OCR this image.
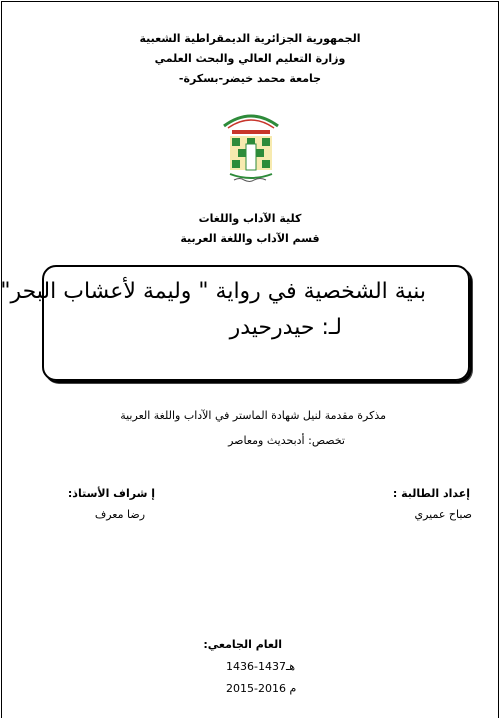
الجمهورية الجزائرية الديمقراطية الشعبية
وزارة التعليم العالي والبحث العلمي
جامعة محمد خيضر-بسكرة-
كلية الآداب واللغات
قسم الآداب واللغة العربية
بنية الشخصية في رواية " وليمة لأعشاب البحر"
لـ: حيدرحيدر
مذكرة مقدمة لنيل شهادة الماستر في الآداب واللغة العربية
تخصص: أدبحديث ومعاصر
إعداد الطالبة :
صباح عميري
إ شراف الأستاذ:
رضا معرف
العام الجامعي:
1436-1437هـ
2015-2016 م
